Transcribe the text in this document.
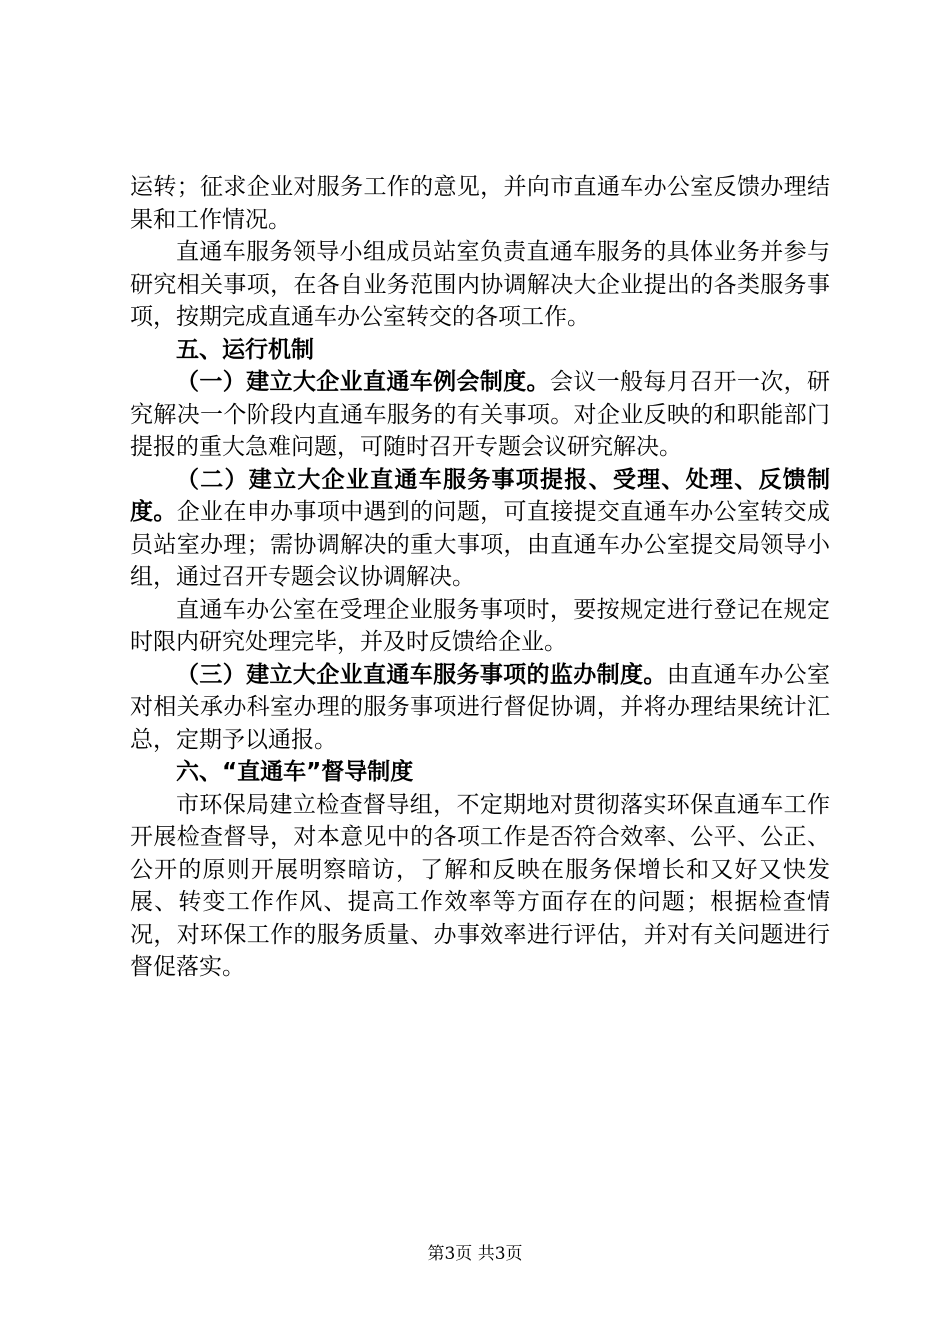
运转；征求企业对服务工作的意见，并向市直通车办公室反馈办理结果和工作情况。

直通车服务领导小组成员站室负责直通车服务的具体业务并参与研究相关事项，在各自业务范围内协调解决大企业提出的各类服务事项，按期完成直通车办公室转交的各项工作。

五、运行机制

（一）建立大企业直通车例会制度。会议一般每月召开一次，研究解决一个阶段内直通车服务的有关事项。对企业反映的和职能部门提报的重大急难问题，可随时召开专题会议研究解决。

（二）建立大企业直通车服务事项提报、受理、处理、反馈制度。企业在申办事项中遇到的问题，可直接提交直通车办公室转交成员站室办理；需协调解决的重大事项，由直通车办公室提交局领导小组，通过召开专题会议协调解决。

直通车办公室在受理企业服务事项时，要按规定进行登记在规定时限内研究处理完毕，并及时反馈给企业。

（三）建立大企业直通车服务事项的监办制度。由直通车办公室对相关承办科室办理的服务事项进行督促协调，并将办理结果统计汇总，定期予以通报。

六、“直通车”督导制度

市环保局建立检查督导组，不定期地对贯彻落实环保直通车工作开展检查督导，对本意见中的各项工作是否符合效率、公平、公正、公开的原则开展明察暗访，了解和反映在服务保增长和又好又快发展、转变工作作风、提高工作效率等方面存在的问题；根据检查情况，对环保工作的服务质量、办事效率进行评估，并对有关问题进行督促落实。

第3页 共3页
